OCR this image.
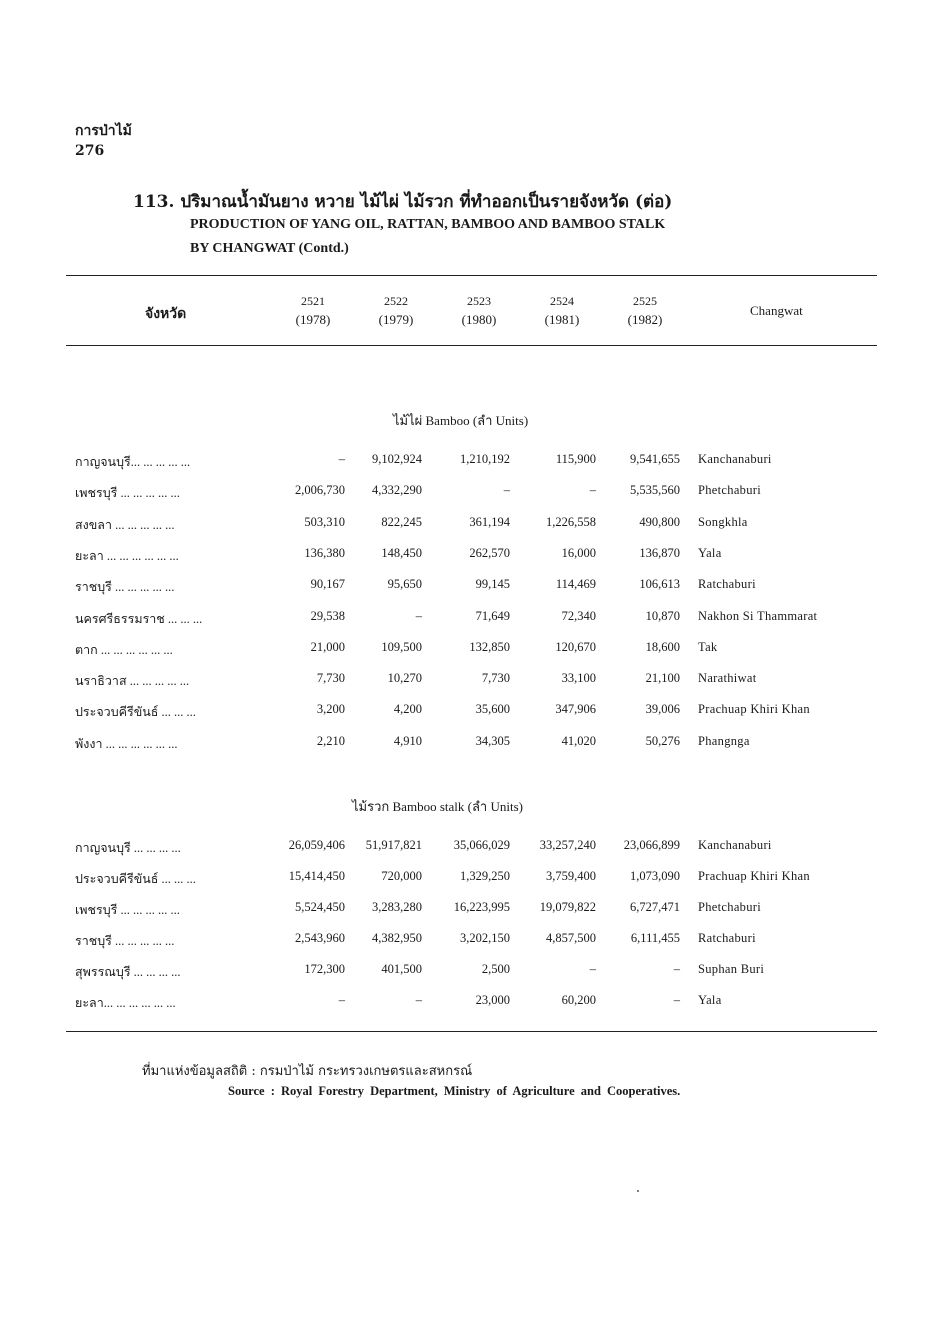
การป่าไม้
276
113. ปริมาณน้ำมันยาง หวาย ไม้ไผ่ ไม้รวก ที่ทำออกเป็นรายจังหวัด (ต่อ)
PRODUCTION OF YANG OIL, RATTAN, BAMBOO AND BAMBOO STALK
BY CHANGWAT (Contd.)
จังหวัด
2521
(1978)
2522
(1979)
2523
(1980)
2524
(1981)
2525
(1982)
Changwat
ไม้ไผ่ Bamboo (ลำ Units)
กาญจนบุรี... ... ... ... ...	–	9,102,924	1,210,192	115,900	9,541,655 Kanchanaburi
เพชรบุรี ... ... ... ... ...	2,006,730	4,332,290	–	–	5,535,560 Phetchaburi
สงขลา ... ... ... ... ...	503,310	822,245	361,194	1,226,558	490,800 Songkhla
ยะลา ... ... ... ... ... ...	136,380	148,450	262,570	16,000	136,870 Yala
ราชบุรี ... ... ... ... ...	90,167	95,650	99,145	114,469	106,613 Ratchaburi
นครศรีธรรมราช ... ... ...	29,538	–	71,649	72,340	10,870 Nakhon Si Thammarat
ตาก ... ... ... ... ... ...	21,000	109,500	132,850	120,670	18,600 Tak
นราธิวาส ... ... ... ... ...	7,730	10,270	7,730	33,100	21,100 Narathiwat
ประจวบคีรีขันธ์ ... ... ...	3,200	4,200	35,600	347,906	39,006 Prachuap Khiri Khan
พังงา ... ... ... ... ... ...	2,210	4,910	34,305	41,020	50,276 Phangnga
ไม้รวก Bamboo stalk (ลำ Units)
กาญจนบุรี ... ... ... ...	26,059,406	51,917,821	35,066,029	33,257,240	23,066,899 Kanchanaburi
ประจวบคีรีขันธ์ ... ... ...	15,414,450	720,000	1,329,250	3,759,400	1,073,090 Prachuap Khiri Khan
เพชรบุรี ... ... ... ... ...	5,524,450	3,283,280	16,223,995	19,079,822	6,727,471 Phetchaburi
ราชบุรี ... ... ... ... ...	2,543,960	4,382,950	3,202,150	4,857,500	6,111,455 Ratchaburi
สุพรรณบุรี ... ... ... ...	172,300	401,500	2,500	–	– Suphan Buri
ยะลา... ... ... ... ... ...	–	–	23,000	60,200	– Yala
ที่มาแห่งข้อมูลสถิติ : กรมป่าไม้ กระทรวงเกษตรและสหกรณ์
Source : Royal Forestry Department, Ministry of Agriculture and Cooperatives.
